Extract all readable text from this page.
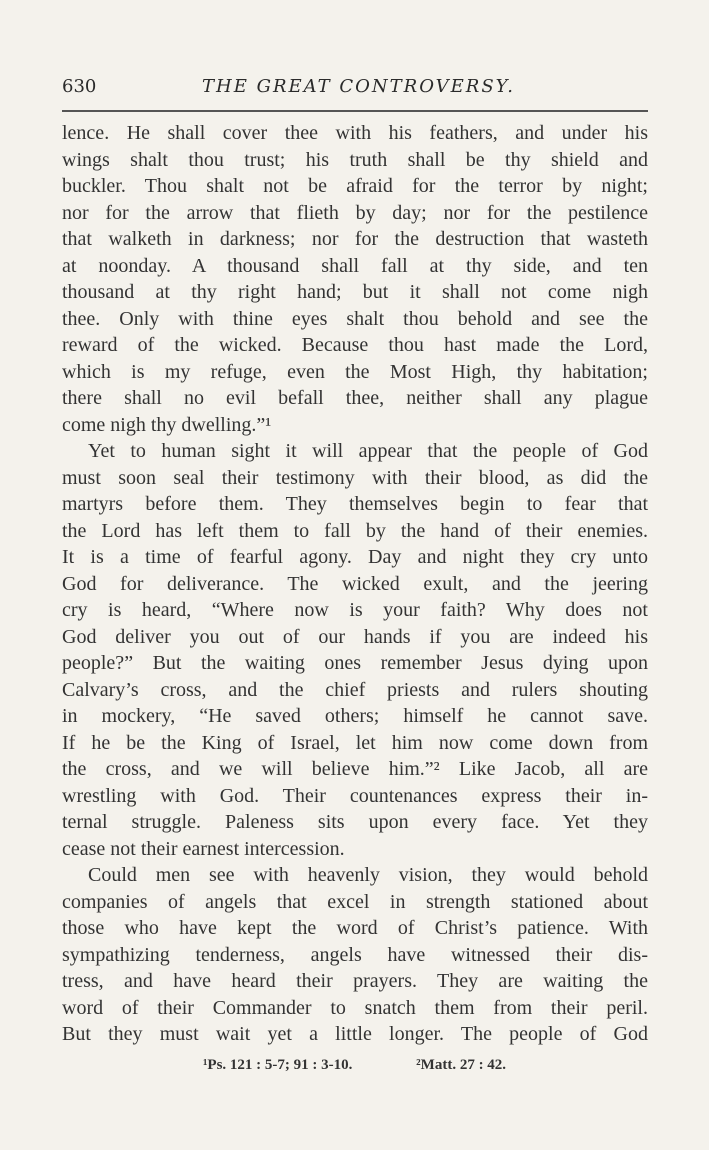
630	THE GREAT CONTROVERSY.
lence. He shall cover thee with his feathers, and under his
wings shalt thou trust; his truth shall be thy shield and
buckler. Thou shalt not be afraid for the terror by night;
nor for the arrow that flieth by day; nor for the pestilence
that walketh in darkness; nor for the destruction that wasteth
at noonday. A thousand shall fall at thy side, and ten
thousand at thy right hand; but it shall not come nigh
thee. Only with thine eyes shalt thou behold and see the
reward of the wicked. Because thou hast made the Lord,
which is my refuge, even the Most High, thy habitation;
there shall no evil befall thee, neither shall any plague
come nigh thy dwelling.”¹
Yet to human sight it will appear that the people of God
must soon seal their testimony with their blood, as did the
martyrs before them. They themselves begin to fear that
the Lord has left them to fall by the hand of their enemies.
It is a time of fearful agony. Day and night they cry unto
God for deliverance. The wicked exult, and the jeering
cry is heard, “Where now is your faith? Why does not
God deliver you out of our hands if you are indeed his
people?” But the waiting ones remember Jesus dying upon
Calvary’s cross, and the chief priests and rulers shouting
in mockery, “He saved others; himself he cannot save.
If he be the King of Israel, let him now come down from
the cross, and we will believe him.”² Like Jacob, all are
wrestling with God. Their countenances express their in-
ternal struggle. Paleness sits upon every face. Yet they
cease not their earnest intercession.
Could men see with heavenly vision, they would behold
companies of angels that excel in strength stationed about
those who have kept the word of Christ’s patience. With
sympathizing tenderness, angels have witnessed their dis-
tress, and have heard their prayers. They are waiting the
word of their Commander to snatch them from their peril.
But they must wait yet a little longer. The people of God
¹Ps. 121 : 5-7; 91 : 3-10.	²Matt. 27 : 42.
